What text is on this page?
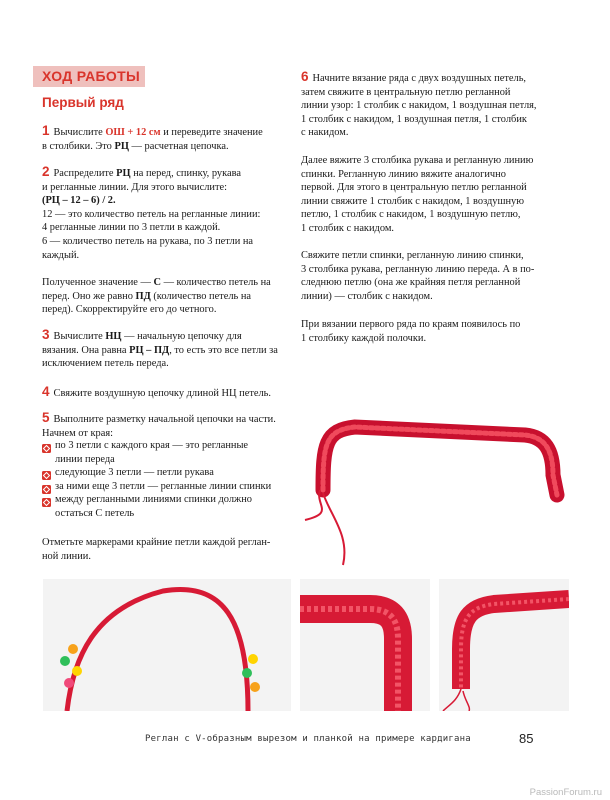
ХОД РАБОТЫ
Первый ряд

1 Вычислите ОШ + 12 см и переведите значение

в столбики. Это РЦ — расчетная цепочка.

2 Распределите РЦ на перед, спинку, рукава

и регланные линии. Для этого вычислите:

(РЦ – 12 – 6) / 2.

12 — это количество петель на регланные линии:

4 регланные линии по 3 петли в каждой.

6 — количество петель на рукава, по 3 петли на

каждый.

Полученное значение — С — количество петель на

перед. Оно же равно ПД (количество петель на

перед). Скорректируйте его до четного.

3 Вычислите НЦ — начальную цепочку для

вязания. Она равна РЦ – ПД, то есть это все петли за

исключением петель переда.

4 Свяжите воздушную цепочку длиной НЦ петель.

5 Выполните разметку начальной цепочки на части.

Начнем от края:

по 3 петли с каждого края — это регланные

линии переда

следующие 3 петли — петли рукава

за ними еще 3 петли — регланные линии спинки

между регланными линиями спинки должно

остаться С петель

Отметьте маркерами крайние петли каждой реглан-

ной линии.

6 Начните вязание ряда с двух воздушных петель,

затем свяжите в центральную петлю регланной

линии узор: 1 столбик с накидом, 1 воздушная петля,

1 столбик с накидом, 1 воздушная петля, 1 столбик

с накидом.

Далее вяжите 3 столбика рукава и регланную линию

спинки. Регланную линию вяжите аналогично

первой. Для этого в центральную петлю регланной

линии свяжите 1 столбик с накидом, 1 воздушную

петлю, 1 столбик с накидом, 1 воздушную петлю,

1 столбик с накидом.

Свяжите петли спинки, регланную линию спинки,

3 столбика рукава, регланную линию переда. А в по-

следнюю петлю (она же крайняя петля регланной

линии) — столбик с накидом.

При вязании первого ряда по краям появилось по

1 столбику каждой полочки.

Реглан с V-образным вырезом и планкой на примере кардигана	85
PassionForum.ru
